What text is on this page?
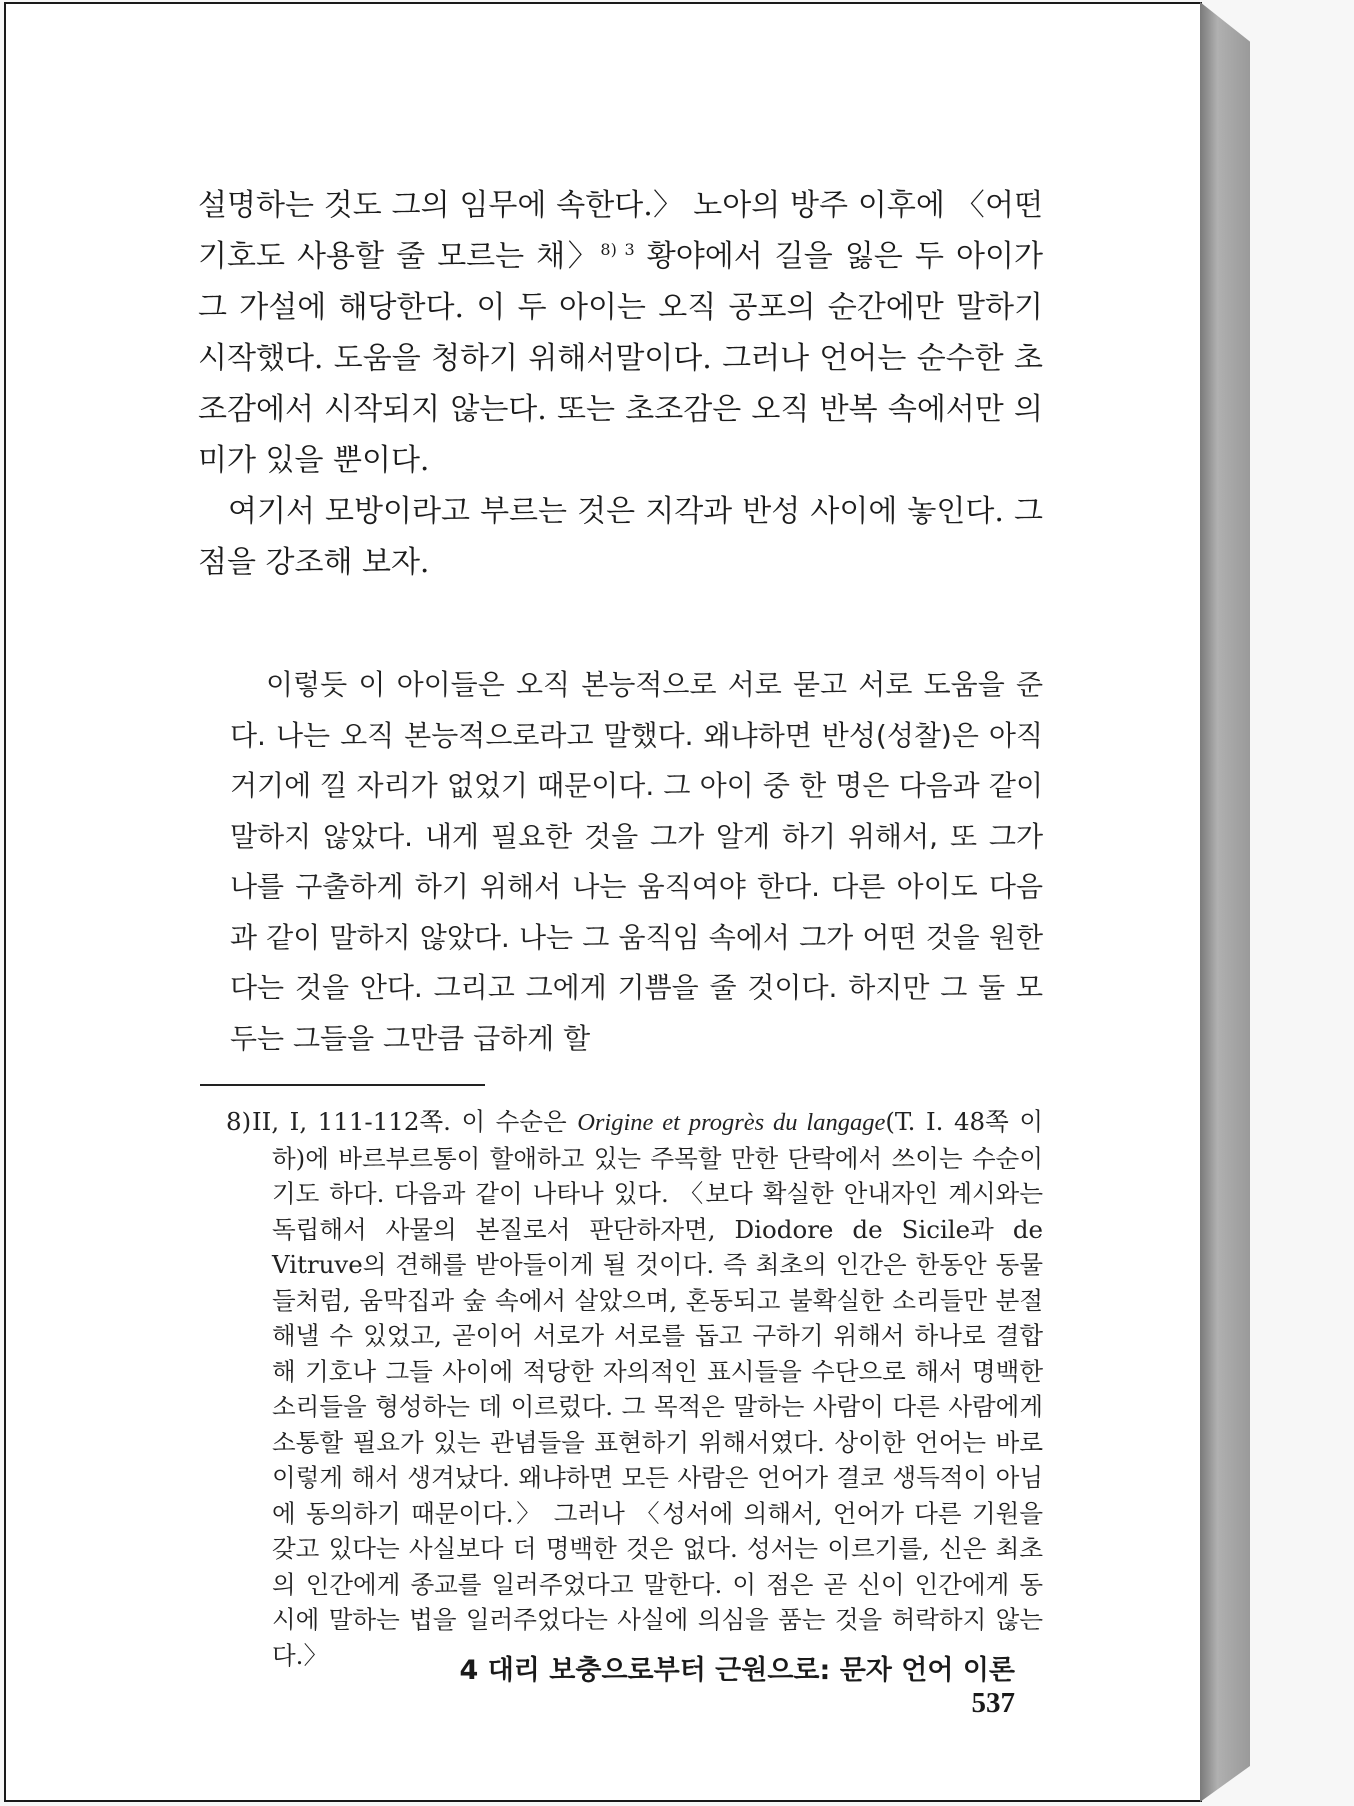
설명하는 것도 그의 임무에 속한다.〉 노아의 방주 이후에 〈어떤 기호도 사용할 줄 모르는 채〉$^{8) 3}$ 황야에서 길을 잃은 두 아이가 그 가설에 해당한다. 이 두 아이는 오직 공포의 순간에만 말하기 시작했다. 도움을 청하기 위해서말이다. 그러나 언어는 순수한 초조감에서 시작되지 않는다. 또는 초조감은 오직 반복 속에서만 의미가 있을 뿐이다.

여기서 모방이라고 부르는 것은 지각과 반성 사이에 놓인다. 그 점을 강조해 보자.

이렇듯 이 아이들은 오직 본능적으로 서로 묻고 서로 도움을 준다. 나는 오직 본능적으로라고 말했다. 왜냐하면 반성(성찰)은 아직 거기에 낄 자리가 없었기 때문이다. 그 아이 중 한 명은 다음과 같이 말하지 않았다. 내게 필요한 것을 그가 알게 하기 위해서, 또 그가 나를 구출하게 하기 위해서 나는 움직여야 한다. 다른 아이도 다음과 같이 말하지 않았다. 나는 그 움직임 속에서 그가 어떤 것을 원한다는 것을 안다. 그리고 그에게 기쁨을 줄 것이다. 하지만 그 둘 모두는 그들을 그만큼 급하게 할

8) II, I, 111-112쪽. 이 수순은 Origine et progrès du langage(T. I. 48쪽 이하)에 바르부르통이 할애하고 있는 주목할 만한 단락에서 쓰이는 수순이기도 하다. 다음과 같이 나타나 있다. 〈보다 확실한 안내자인 계시와는 독립해서 사물의 본질로서 판단하자면, Diodore de Sicile과 de Vitruve의 견해를 받아들이게 될 것이다. 즉 최초의 인간은 한동안 동물들처럼, 움막집과 숲 속에서 살았으며, 혼동되고 불확실한 소리들만 분절해낼 수 있었고, 곧이어 서로가 서로를 돕고 구하기 위해서 하나로 결합해 기호나 그들 사이에 적당한 자의적인 표시들을 수단으로 해서 명백한 소리들을 형성하는 데 이르렀다. 그 목적은 말하는 사람이 다른 사람에게 소통할 필요가 있는 관념들을 표현하기 위해서였다. 상이한 언어는 바로 이렇게 해서 생겨났다. 왜냐하면 모든 사람은 언어가 결코 생득적이 아님에 동의하기 때문이다.〉 그러나 〈성서에 의해서, 언어가 다른 기원을 갖고 있다는 사실보다 더 명백한 것은 없다. 성서는 이르기를, 신은 최초의 인간에게 종교를 일러주었다고 말한다. 이 점은 곧 신이 인간에게 동시에 말하는 법을 일러주었다는 사실에 의심을 품는 것을 허락하지 않는다.〉	4 대리 보충으로부터 근원으로: 문자 언어 이론537
